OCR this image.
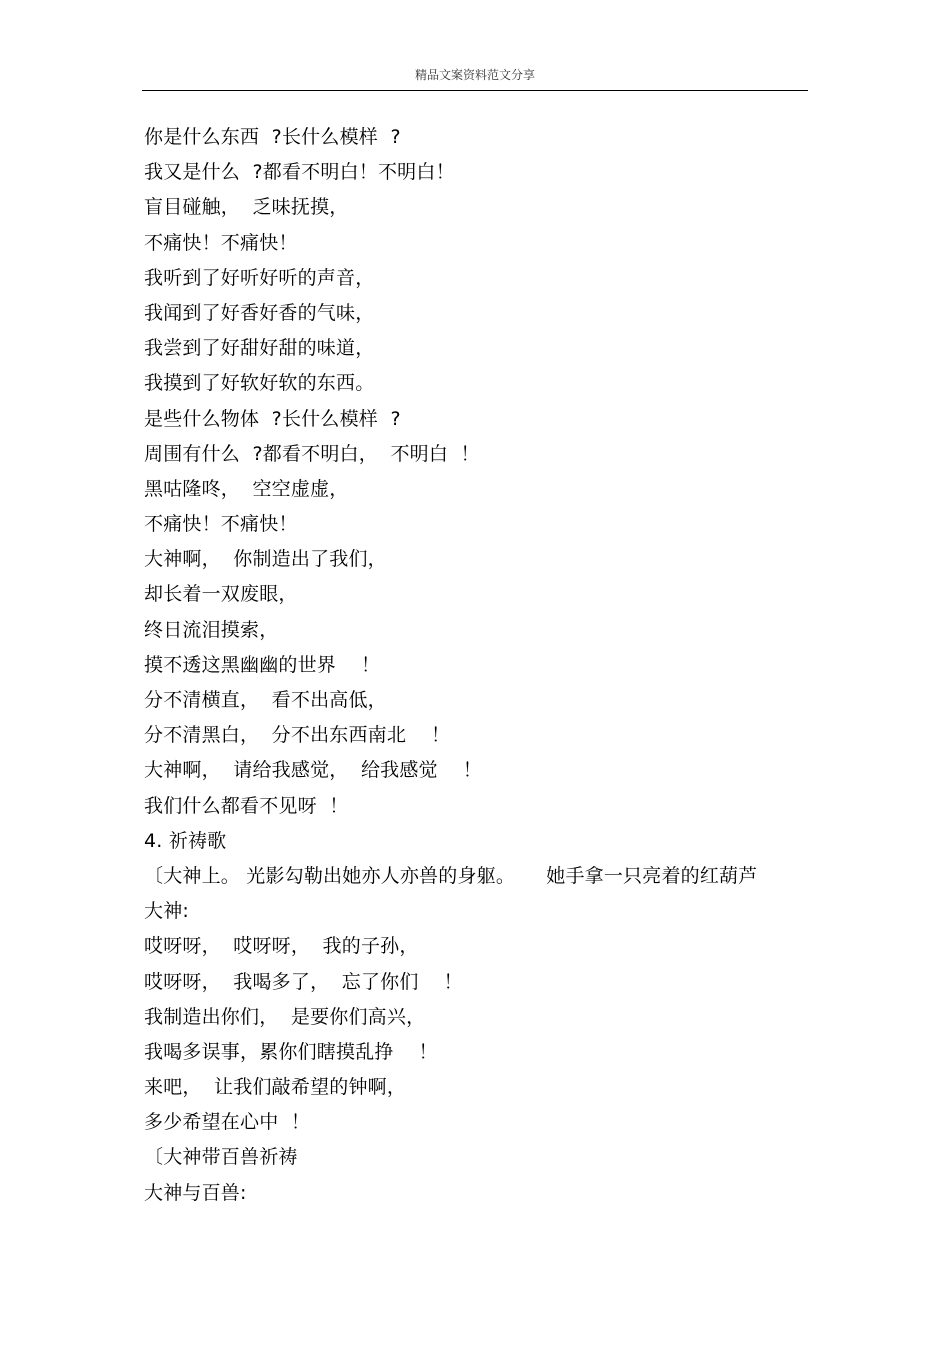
精品文案资料范文分享
你是什么东西  ?长什么模样  ?
我又是什么  ?都看不明白！不明白！
盲目碰触，  乏味抚摸，
不痛快！不痛快！
我听到了好听好听的声音，
我闻到了好香好香的气味，
我尝到了好甜好甜的味道，
我摸到了好软好软的东西。
是些什么物体  ?长什么模样  ?
周围有什么  ?都看不明白，  不明白  ！
黑咕隆咚，  空空虚虚，
不痛快！不痛快！
大神啊，  你制造出了我们，
却长着一双废眼，
终日流泪摸索，
摸不透这黑幽幽的世界    ！
分不清横直，  看不出高低，
分不清黑白，  分不出东西南北    ！
大神啊，  请给我感觉，  给我感觉    ！
我们什么都看不见呀  ！
4. 祈祷歌
〔大神上。 光影勾勒出她亦人亦兽的身躯。     她手拿一只亮着的红葫芦
大神:
哎呀呀，  哎呀呀，  我的子孙，
哎呀呀，  我喝多了，  忘了你们    ！
我制造出你们，  是要你们高兴，
我喝多误事，累你们瞎摸乱挣    ！
来吧，  让我们敲希望的钟啊，
多少希望在心中  ！
〔大神带百兽祈祷
大神与百兽:
